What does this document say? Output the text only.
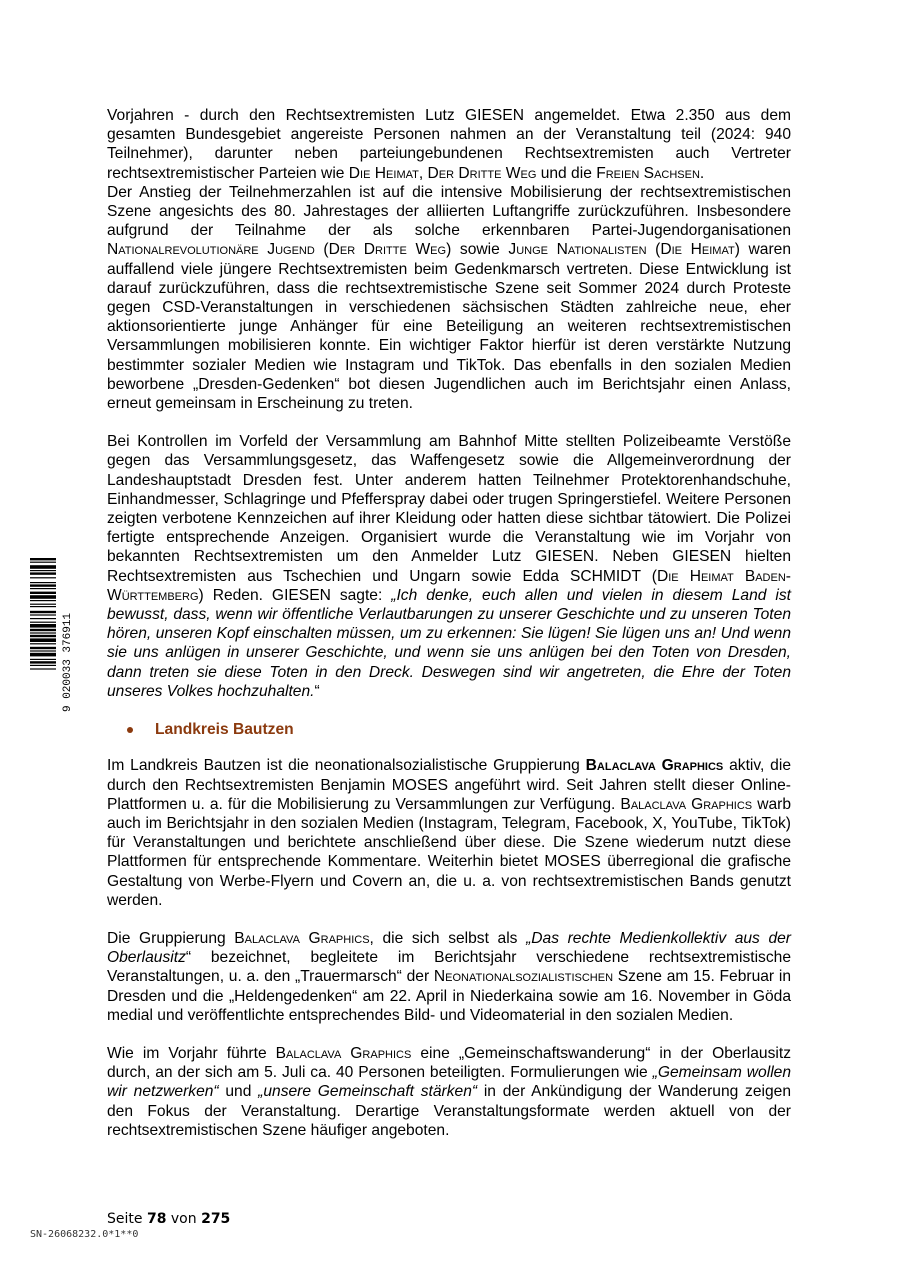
Vorjahren - durch den Rechtsextremisten Lutz GIESEN angemeldet. Etwa 2.350 aus dem gesamten Bundesgebiet angereiste Personen nahmen an der Veranstaltung teil (2024: 940 Teilnehmer), darunter neben parteiungebundenen Rechtsextremisten auch Vertreter rechtsextremistischer Parteien wie Die Heimat, Der Dritte Weg und die Freien Sachsen.

Der Anstieg der Teilnehmerzahlen ist auf die intensive Mobilisierung der rechtsextremistischen Szene angesichts des 80. Jahrestages der alliierten Luftangriffe zurückzuführen. Insbesondere aufgrund der Teilnahme der als solche erkennbaren Partei-Jugendorganisationen Nationalrevolutionäre Jugend (Der Dritte Weg) sowie Junge Nationalisten (Die Heimat) waren auffallend viele jüngere Rechtsextremisten beim Gedenkmarsch vertreten. Diese Entwicklung ist darauf zurückzuführen, dass die rechtsextremistische Szene seit Sommer 2024 durch Proteste gegen CSD-Veranstaltungen in verschiedenen sächsischen Städten zahlreiche neue, eher aktionsorientierte junge Anhänger für eine Beteiligung an weiteren rechtsextremistischen Versammlungen mobilisieren konnte. Ein wichtiger Faktor hierfür ist deren verstärkte Nutzung bestimmter sozialer Medien wie Instagram und TikTok. Das ebenfalls in den sozialen Medien beworbene „Dresden-Gedenken“ bot diesen Jugendlichen auch im Berichtsjahr einen Anlass, erneut gemeinsam in Erscheinung zu treten.

Bei Kontrollen im Vorfeld der Versammlung am Bahnhof Mitte stellten Polizeibeamte Verstöße gegen das Versammlungsgesetz, das Waffengesetz sowie die Allgemeinverordnung der Landeshauptstadt Dresden fest. Unter anderem hatten Teilnehmer Protektorenhandschuhe, Einhandmesser, Schlagringe und Pfefferspray dabei oder trugen Springerstiefel. Weitere Personen zeigten verbotene Kennzeichen auf ihrer Kleidung oder hatten diese sichtbar tätowiert. Die Polizei fertigte entsprechende Anzeigen. Organisiert wurde die Veranstaltung wie im Vorjahr von bekannten Rechtsextremisten um den Anmelder Lutz GIESEN. Neben GIESEN hielten Rechtsextremisten aus Tschechien und Ungarn sowie Edda SCHMIDT (Die Heimat Baden-Württemberg) Reden. GIESEN sagte: „Ich denke, euch allen und vielen in diesem Land ist bewusst, dass, wenn wir öffentliche Verlautbarungen zu unserer Geschichte und zu unseren Toten hören, unseren Kopf einschalten müssen, um zu erkennen: Sie lügen! Sie lügen uns an! Und wenn sie uns anlügen in unserer Geschichte, und wenn sie uns anlügen bei den Toten von Dresden, dann treten sie diese Toten in den Dreck. Deswegen sind wir angetreten, die Ehre der Toten unseres Volkes hochzuhalten.“

Landkreis Bautzen

Im Landkreis Bautzen ist die neonationalsozialistische Gruppierung Balaclava Graphics aktiv, die durch den Rechtsextremisten Benjamin MOSES angeführt wird. Seit Jahren stellt dieser Online-Plattformen u. a. für die Mobilisierung zu Versammlungen zur Verfügung. Balaclava Graphics warb auch im Berichtsjahr in den sozialen Medien (Instagram, Telegram, Facebook, X, YouTube, TikTok) für Veranstaltungen und berichtete anschließend über diese. Die Szene wiederum nutzt diese Plattformen für entsprechende Kommentare. Weiterhin bietet MOSES überregional die grafische Gestaltung von Werbe-Flyern und Covern an, die u. a. von rechtsextremistischen Bands genutzt werden.

Die Gruppierung Balaclava Graphics, die sich selbst als „Das rechte Medienkollektiv aus der Oberlausitz“ bezeichnet, begleitete im Berichtsjahr verschiedene rechtsextremistische Veranstaltungen, u. a. den „Trauermarsch“ der Neonationalsozialistischen Szene am 15. Februar in Dresden und die „Heldengedenken“ am 22. April in Niederkaina sowie am 16. November in Göda medial und veröffentlichte entsprechendes Bild- und Videomaterial in den sozialen Medien.

Wie im Vorjahr führte Balaclava Graphics eine „Gemeinschaftswanderung“ in der Oberlausitz durch, an der sich am 5. Juli ca. 40 Personen beteiligten. Formulierungen wie „Gemeinsam wollen wir netzwerken“ und „unsere Gemeinschaft stärken“ in der Ankündigung der Wanderung zeigen den Fokus der Veranstaltung. Derartige Veranstaltungsformate werden aktuell von der rechtsextremistischen Szene häufiger angeboten.

9 020033 376911
Seite 78 von 275
SN-26068232.0*1**0
